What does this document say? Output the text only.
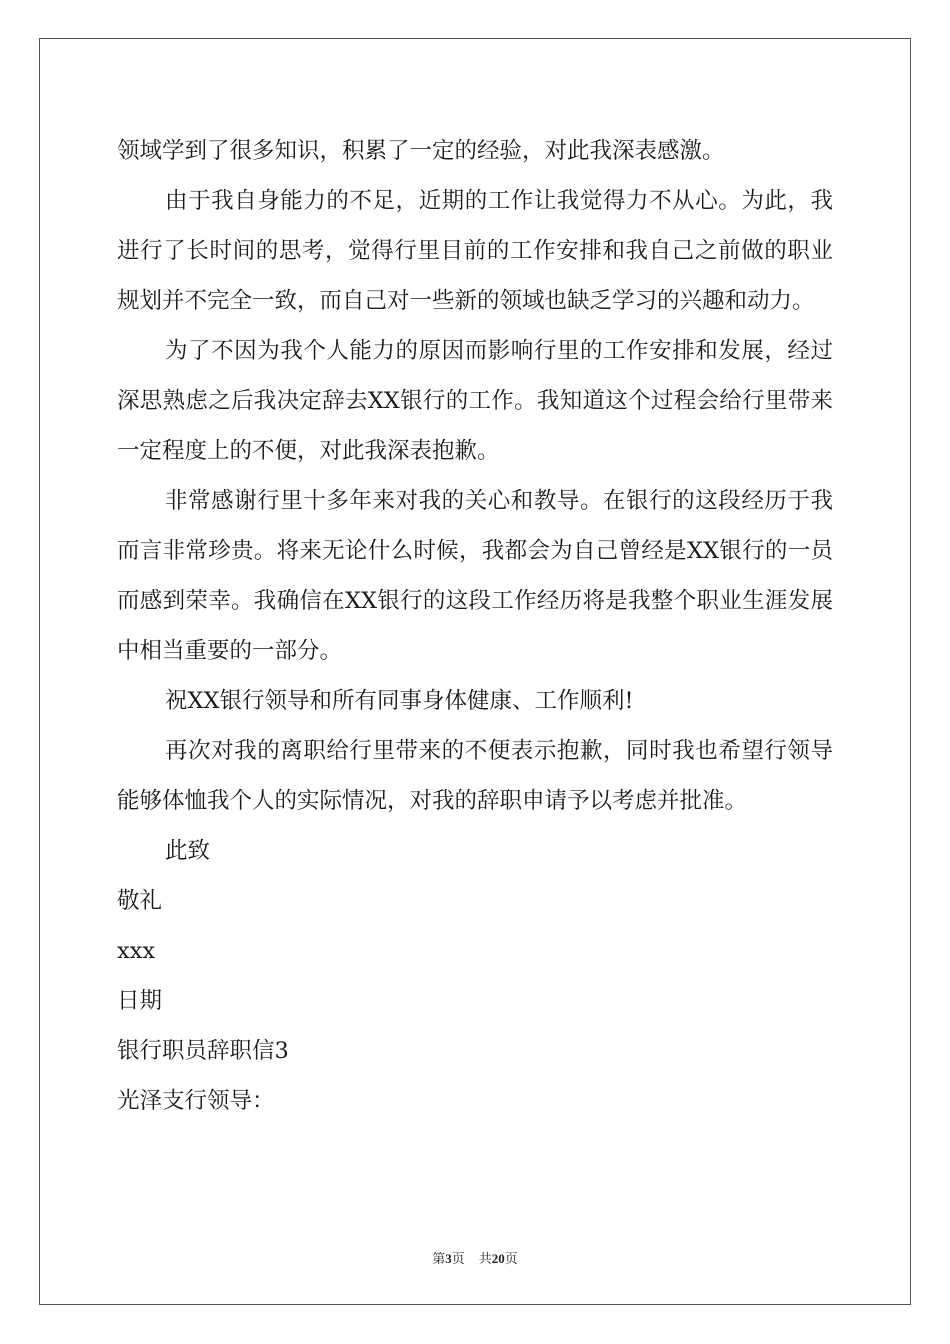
领域学到了很多知识，积累了一定的经验，对此我深表感激。

由于我自身能力的不足，近期的工作让我觉得力不从心。为此，我进行了长时间的思考，觉得行里目前的工作安排和我自己之前做的职业规划并不完全一致，而自己对一些新的领域也缺乏学习的兴趣和动力。

为了不因为我个人能力的原因而影响行里的工作安排和发展，经过深思熟虑之后我决定辞去XX银行的工作。我知道这个过程会给行里带来一定程度上的不便，对此我深表抱歉。

非常感谢行里十多年来对我的关心和教导。在银行的这段经历于我而言非常珍贵。将来无论什么时候，我都会为自己曾经是XX银行的一员而感到荣幸。我确信在XX银行的这段工作经历将是我整个职业生涯发展中相当重要的一部分。

祝XX银行领导和所有同事身体健康、工作顺利!

再次对我的离职给行里带来的不便表示抱歉，同时我也希望行领导能够体恤我个人的实际情况，对我的辞职申请予以考虑并批准。

此致

敬礼

xxx

日期

银行职员辞职信3

光泽支行领导：

第3页 共20页
